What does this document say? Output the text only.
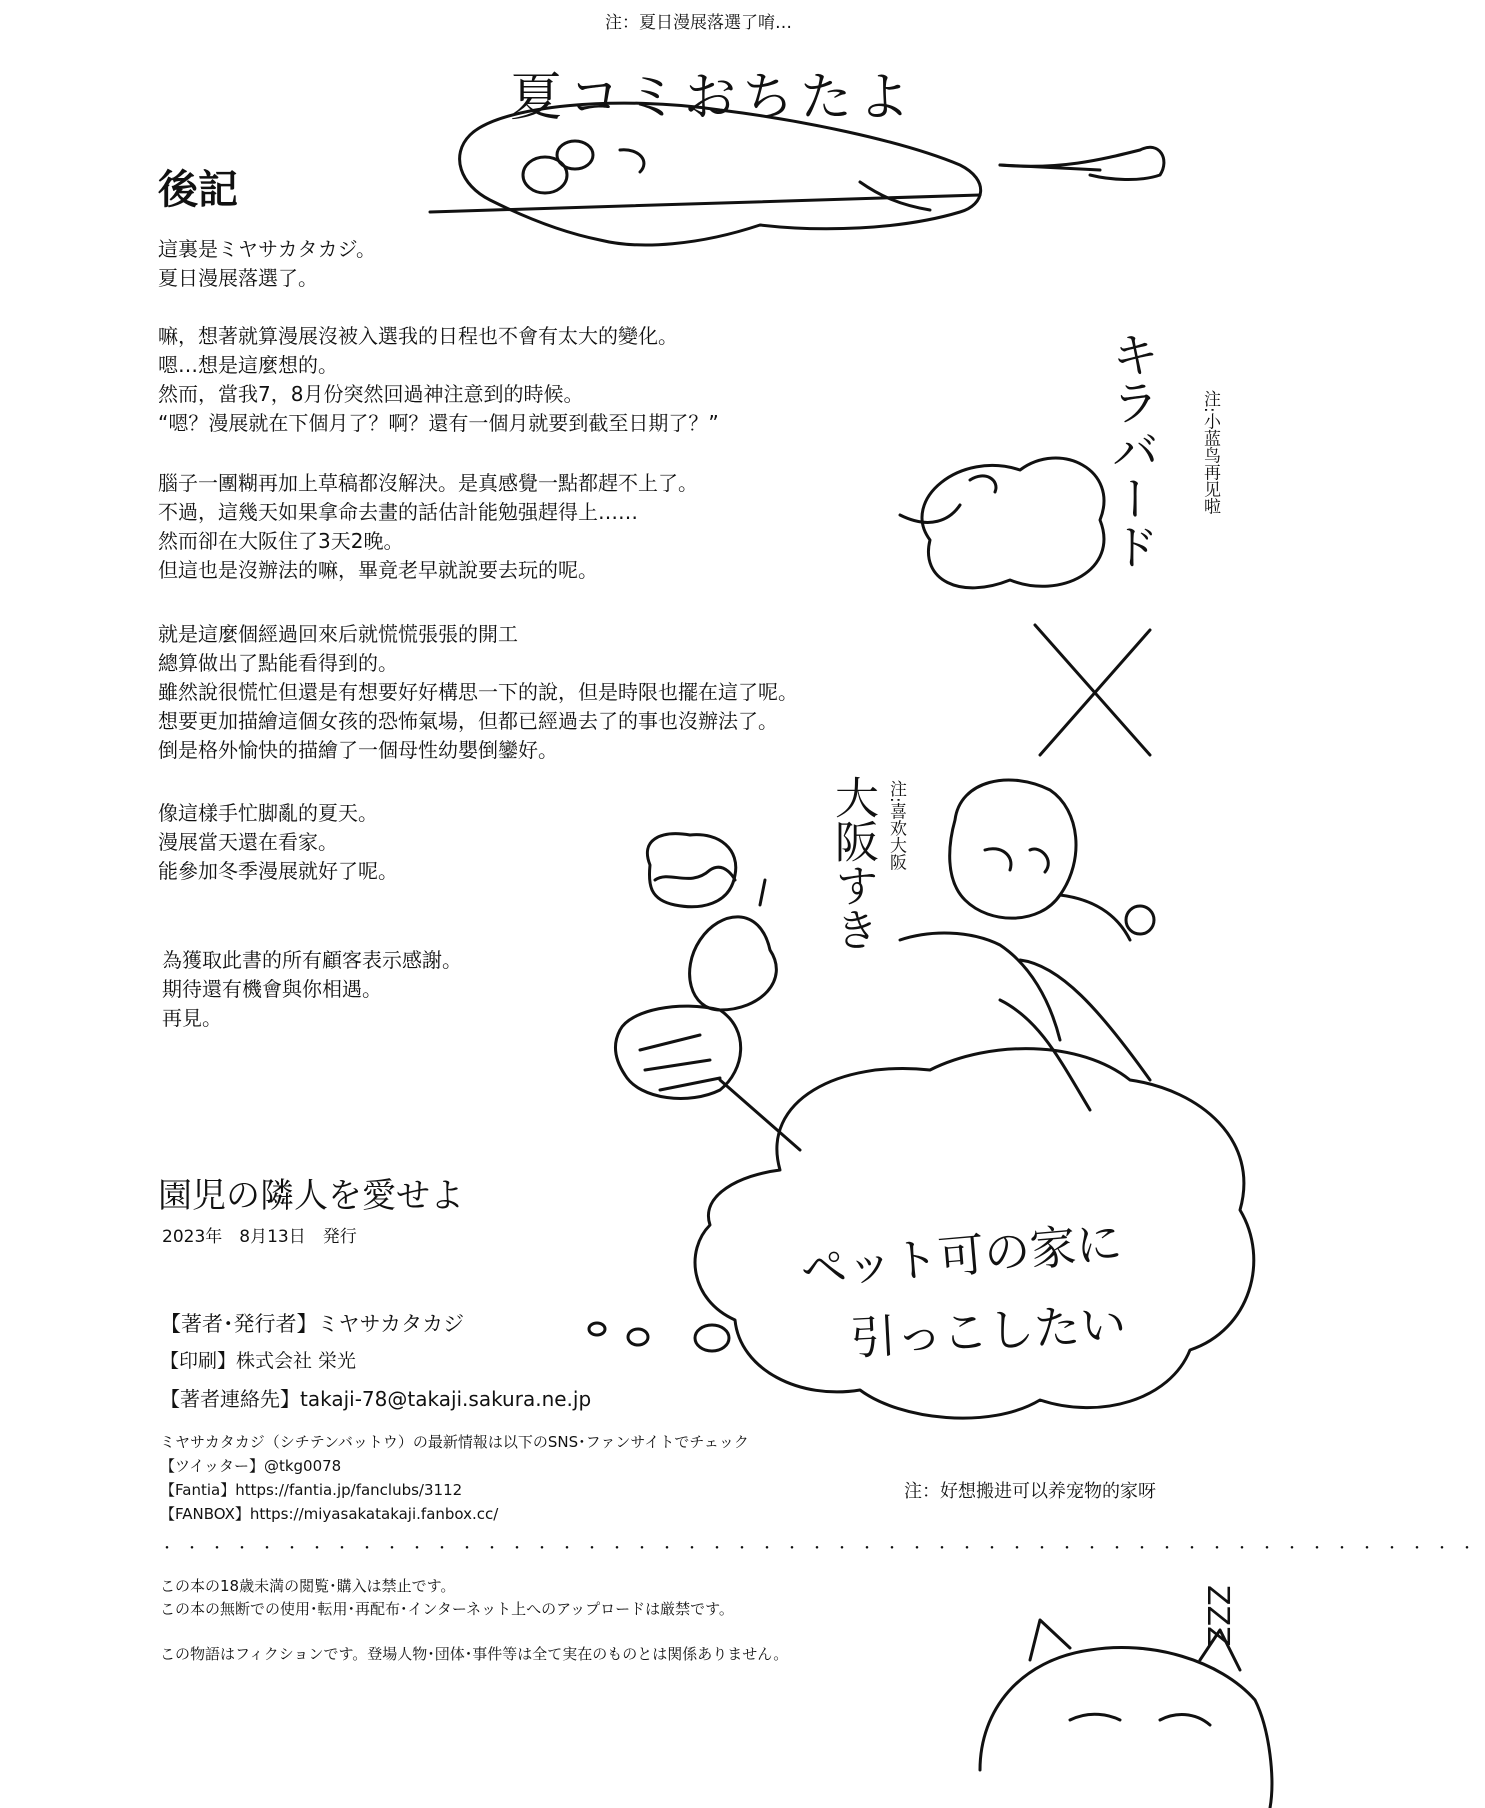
注：夏日漫展落選了唷…
夏コミおちたよ
後記

這裏是ミヤサカタカジ。

夏日漫展落選了。

嘛，想著就算漫展沒被入選我的日程也不會有太大的變化。

嗯…想是這麼想的。

然而，當我7，8月份突然回過神注意到的時候。

“嗯？漫展就在下個月了？啊？還有一個月就要到截至日期了？”

腦子一團糊再加上草稿都沒解決。是真感覺一點都趕不上了。

不過，這幾天如果拿命去畫的話估計能勉强趕得上……

然而卻在大阪住了3天2晚。

但這也是沒辦法的嘛，畢竟老早就說要去玩的呢。

就是這麼個經過回來后就慌慌張張的開工

總算做出了點能看得到的。

雖然說很慌忙但還是有想要好好構思一下的說，但是時限也擺在這了呢。

想要更加描繪這個女孩的恐怖氣場，但都已經過去了的事也沒辦法了。

倒是格外愉快的描繪了一個母性幼嬰倒鑾好。

像這樣手忙脚亂的夏天。

漫展當天還在看家。

能參加冬季漫展就好了呢。

為獲取此書的所有顧客表示感謝。

期待還有機會與你相遇。

再見。

キラバード 注:小蓝鸟再见啦
大阪すき 注:喜欢大阪
ペット可の家に
引っこしたい
ZZZ
園児の隣人を愛せよ
2023年　8月13日　発行
【著者･発行者】ミヤサカタカジ
【印刷】株式会社 栄光
【著者連絡先】takaji-78@takaji.sakura.ne.jp

ミヤサカタカジ（シチテンバットウ）の最新情報は以下のSNS･ファンサイトでチェック

【ツイッター】@tkg0078

【Fantia】https://fantia.jp/fanclubs/3112

【FANBOX】https://miyasakatakaji.fanbox.cc/

注：好想搬进可以养宠物的家呀
・・・・・・・・・・・・・・・・・・・・・・・・・・・・・・・・・・・・・・・・・・・・・・・・・・・・・

この本の18歳未満の閲覧･購入は禁止です。

この本の無断での使用･転用･再配布･インターネット上へのアップロードは厳禁です。

この物語はフィクションです。登場人物･団体･事件等は全て実在のものとは関係ありません。
